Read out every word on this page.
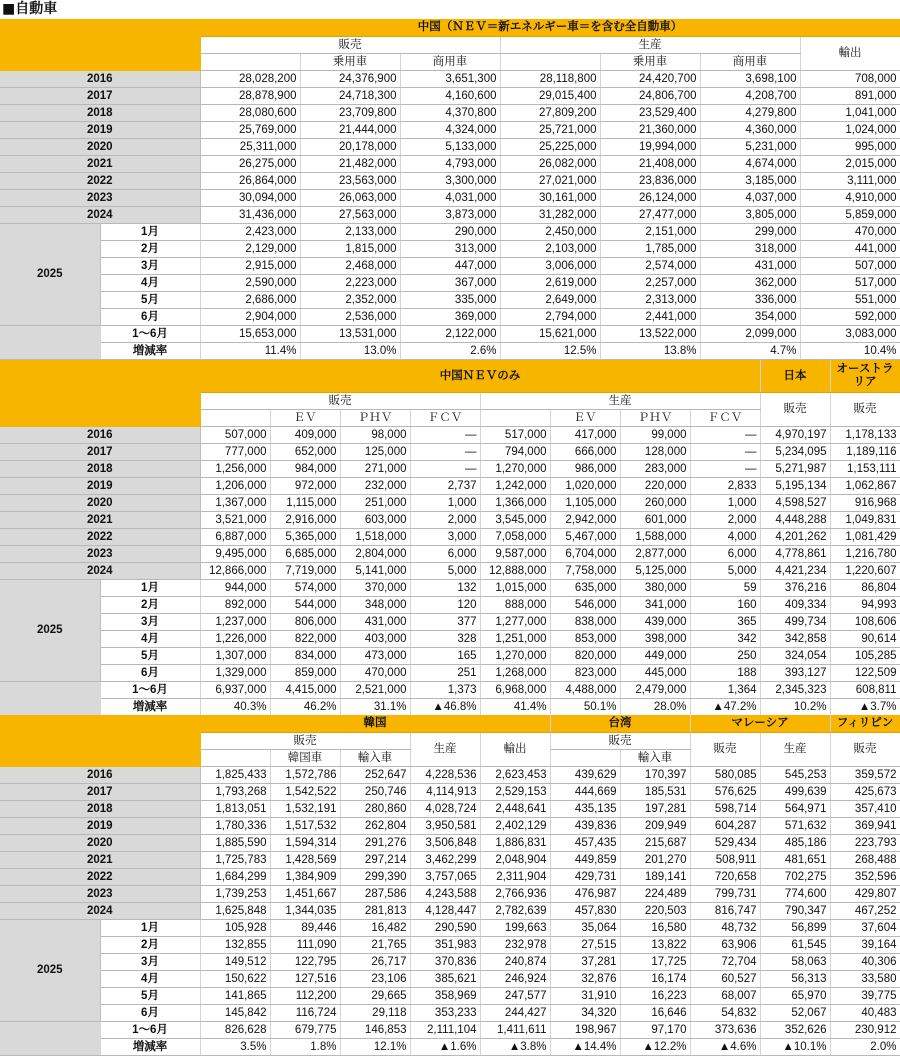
■自動車
		中国（ＮＥＶ＝新エネルギー車＝を含む全自動車）						
		販売			生産			輸出
			乗用車	商用車		乗用車	商用車	
2016		28,028,200	24,376,900	3,651,300	28,118,800	24,420,700	3,698,100	708,000
2017		28,878,900	24,718,300	4,160,600	29,015,400	24,806,700	4,208,700	891,000
2018		28,080,600	23,709,800	4,370,800	27,809,200	23,529,400	4,279,800	1,041,000
2019		25,769,000	21,444,000	4,324,000	25,721,000	21,360,000	4,360,000	1,024,000
2020		25,311,000	20,178,000	5,133,000	25,225,000	19,994,000	5,231,000	995,000
2021		26,275,000	21,482,000	4,793,000	26,082,000	21,408,000	4,674,000	2,015,000
2022		26,864,000	23,563,000	3,300,000	27,021,000	23,836,000	3,185,000	3,111,000
2023		30,094,000	26,063,000	4,031,000	30,161,000	26,124,000	4,037,000	4,910,000
2024		31,436,000	27,563,000	3,873,000	31,282,000	27,477,000	3,805,000	5,859,000
2025	1月	2,423,000	2,133,000	290,000	2,450,000	2,151,000	299,000	470,000
	2月	2,129,000	1,815,000	313,000	2,103,000	1,785,000	318,000	441,000
	3月	2,915,000	2,468,000	447,000	3,006,000	2,574,000	431,000	507,000
	4月	2,590,000	2,223,000	367,000	2,619,000	2,257,000	362,000	517,000
	5月	2,686,000	2,352,000	335,000	2,649,000	2,313,000	336,000	551,000
	6月	2,904,000	2,536,000	369,000	2,794,000	2,441,000	354,000	592,000
	1～6月	15,653,000	13,531,000	2,122,000	15,621,000	13,522,000	2,099,000	3,083,000
	増減率	11.4%	13.0%	2.6%	12.5%	13.8%	4.7%	10.4%
		中国ＮＥＶのみ								日本	オーストラリア
		販売				生産				販売	販売
			ＥＶ	ＰＨＶ	ＦＣＶ		ＥＶ	ＰＨＶ	ＦＣＶ		
2016		507,000	409,000	98,000	—	517,000	417,000	99,000	—	4,970,197	1,178,133
2017		777,000	652,000	125,000	—	794,000	666,000	128,000	—	5,234,095	1,189,116
2018		1,256,000	984,000	271,000	—	1,270,000	986,000	283,000	—	5,271,987	1,153,111
2019		1,206,000	972,000	232,000	2,737	1,242,000	1,020,000	220,000	2,833	5,195,134	1,062,867
2020		1,367,000	1,115,000	251,000	1,000	1,366,000	1,105,000	260,000	1,000	4,598,527	916,968
2021		3,521,000	2,916,000	603,000	2,000	3,545,000	2,942,000	601,000	2,000	4,448,288	1,049,831
2022		6,887,000	5,365,000	1,518,000	3,000	7,058,000	5,467,000	1,588,000	4,000	4,201,262	1,081,429
2023		9,495,000	6,685,000	2,804,000	6,000	9,587,000	6,704,000	2,877,000	6,000	4,778,861	1,216,780
2024		12,866,000	7,719,000	5,141,000	5,000	12,888,000	7,758,000	5,125,000	5,000	4,421,234	1,220,607
2025	1月	944,000	574,000	370,000	132	1,015,000	635,000	380,000	59	376,216	86,804
	2月	892,000	544,000	348,000	120	888,000	546,000	341,000	160	409,334	94,993
	3月	1,237,000	806,000	431,000	377	1,277,000	838,000	439,000	365	499,734	108,606
	4月	1,226,000	822,000	403,000	328	1,251,000	853,000	398,000	342	342,858	90,614
	5月	1,307,000	834,000	473,000	165	1,270,000	820,000	449,000	250	324,054	105,285
	6月	1,329,000	859,000	470,000	251	1,268,000	823,000	445,000	188	393,127	122,509
	1～6月	6,937,000	4,415,000	2,521,000	1,373	6,968,000	4,488,000	2,479,000	1,364	2,345,323	608,811
	増減率	40.3%	46.2%	31.1%	▲46.8%	41.4%	50.1%	28.0%	▲47.2%	10.2%	▲3.7%
		韓国					台湾		マレーシア		フィリピン
		販売			生産	輸出	販売		販売	生産	販売
			韓国車	輸入車				輸入車			
2016		1,825,433	1,572,786	252,647	4,228,536	2,623,453	439,629	170,397	580,085	545,253	359,572
2017		1,793,268	1,542,522	250,746	4,114,913	2,529,153	444,669	185,531	576,625	499,639	425,673
2018		1,813,051	1,532,191	280,860	4,028,724	2,448,641	435,135	197,281	598,714	564,971	357,410
2019		1,780,336	1,517,532	262,804	3,950,581	2,402,129	439,836	209,949	604,287	571,632	369,941
2020		1,885,590	1,594,314	291,276	3,506,848	1,886,831	457,435	215,687	529,434	485,186	223,793
2021		1,725,783	1,428,569	297,214	3,462,299	2,048,904	449,859	201,270	508,911	481,651	268,488
2022		1,684,299	1,384,909	299,390	3,757,065	2,311,904	429,731	189,141	720,658	702,275	352,596
2023		1,739,253	1,451,667	287,586	4,243,588	2,766,936	476,987	224,489	799,731	774,600	429,807
2024		1,625,848	1,344,035	281,813	4,128,447	2,782,639	457,830	220,503	816,747	790,347	467,252
2025	1月	105,928	89,446	16,482	290,590	199,663	35,064	16,580	48,732	56,899	37,604
	2月	132,855	111,090	21,765	351,983	232,978	27,515	13,822	63,906	61,545	39,164
	3月	149,512	122,795	26,717	370,836	240,874	37,281	17,725	72,704	58,063	40,306
	4月	150,622	127,516	23,106	385,621	246,924	32,876	16,174	60,527	56,313	33,580
	5月	141,865	112,200	29,665	358,969	247,577	31,910	16,223	68,007	65,970	39,775
	6月	145,842	116,724	29,118	353,233	244,427	34,320	16,646	54,832	52,067	40,483
	1～6月	826,628	679,775	146,853	2,111,104	1,411,611	198,967	97,170	373,636	352,626	230,912
	増減率	3.5%	1.8%	12.1%	▲1.6%	▲3.8%	▲14.4%	▲12.2%	▲4.6%	▲10.1%	2.0%
